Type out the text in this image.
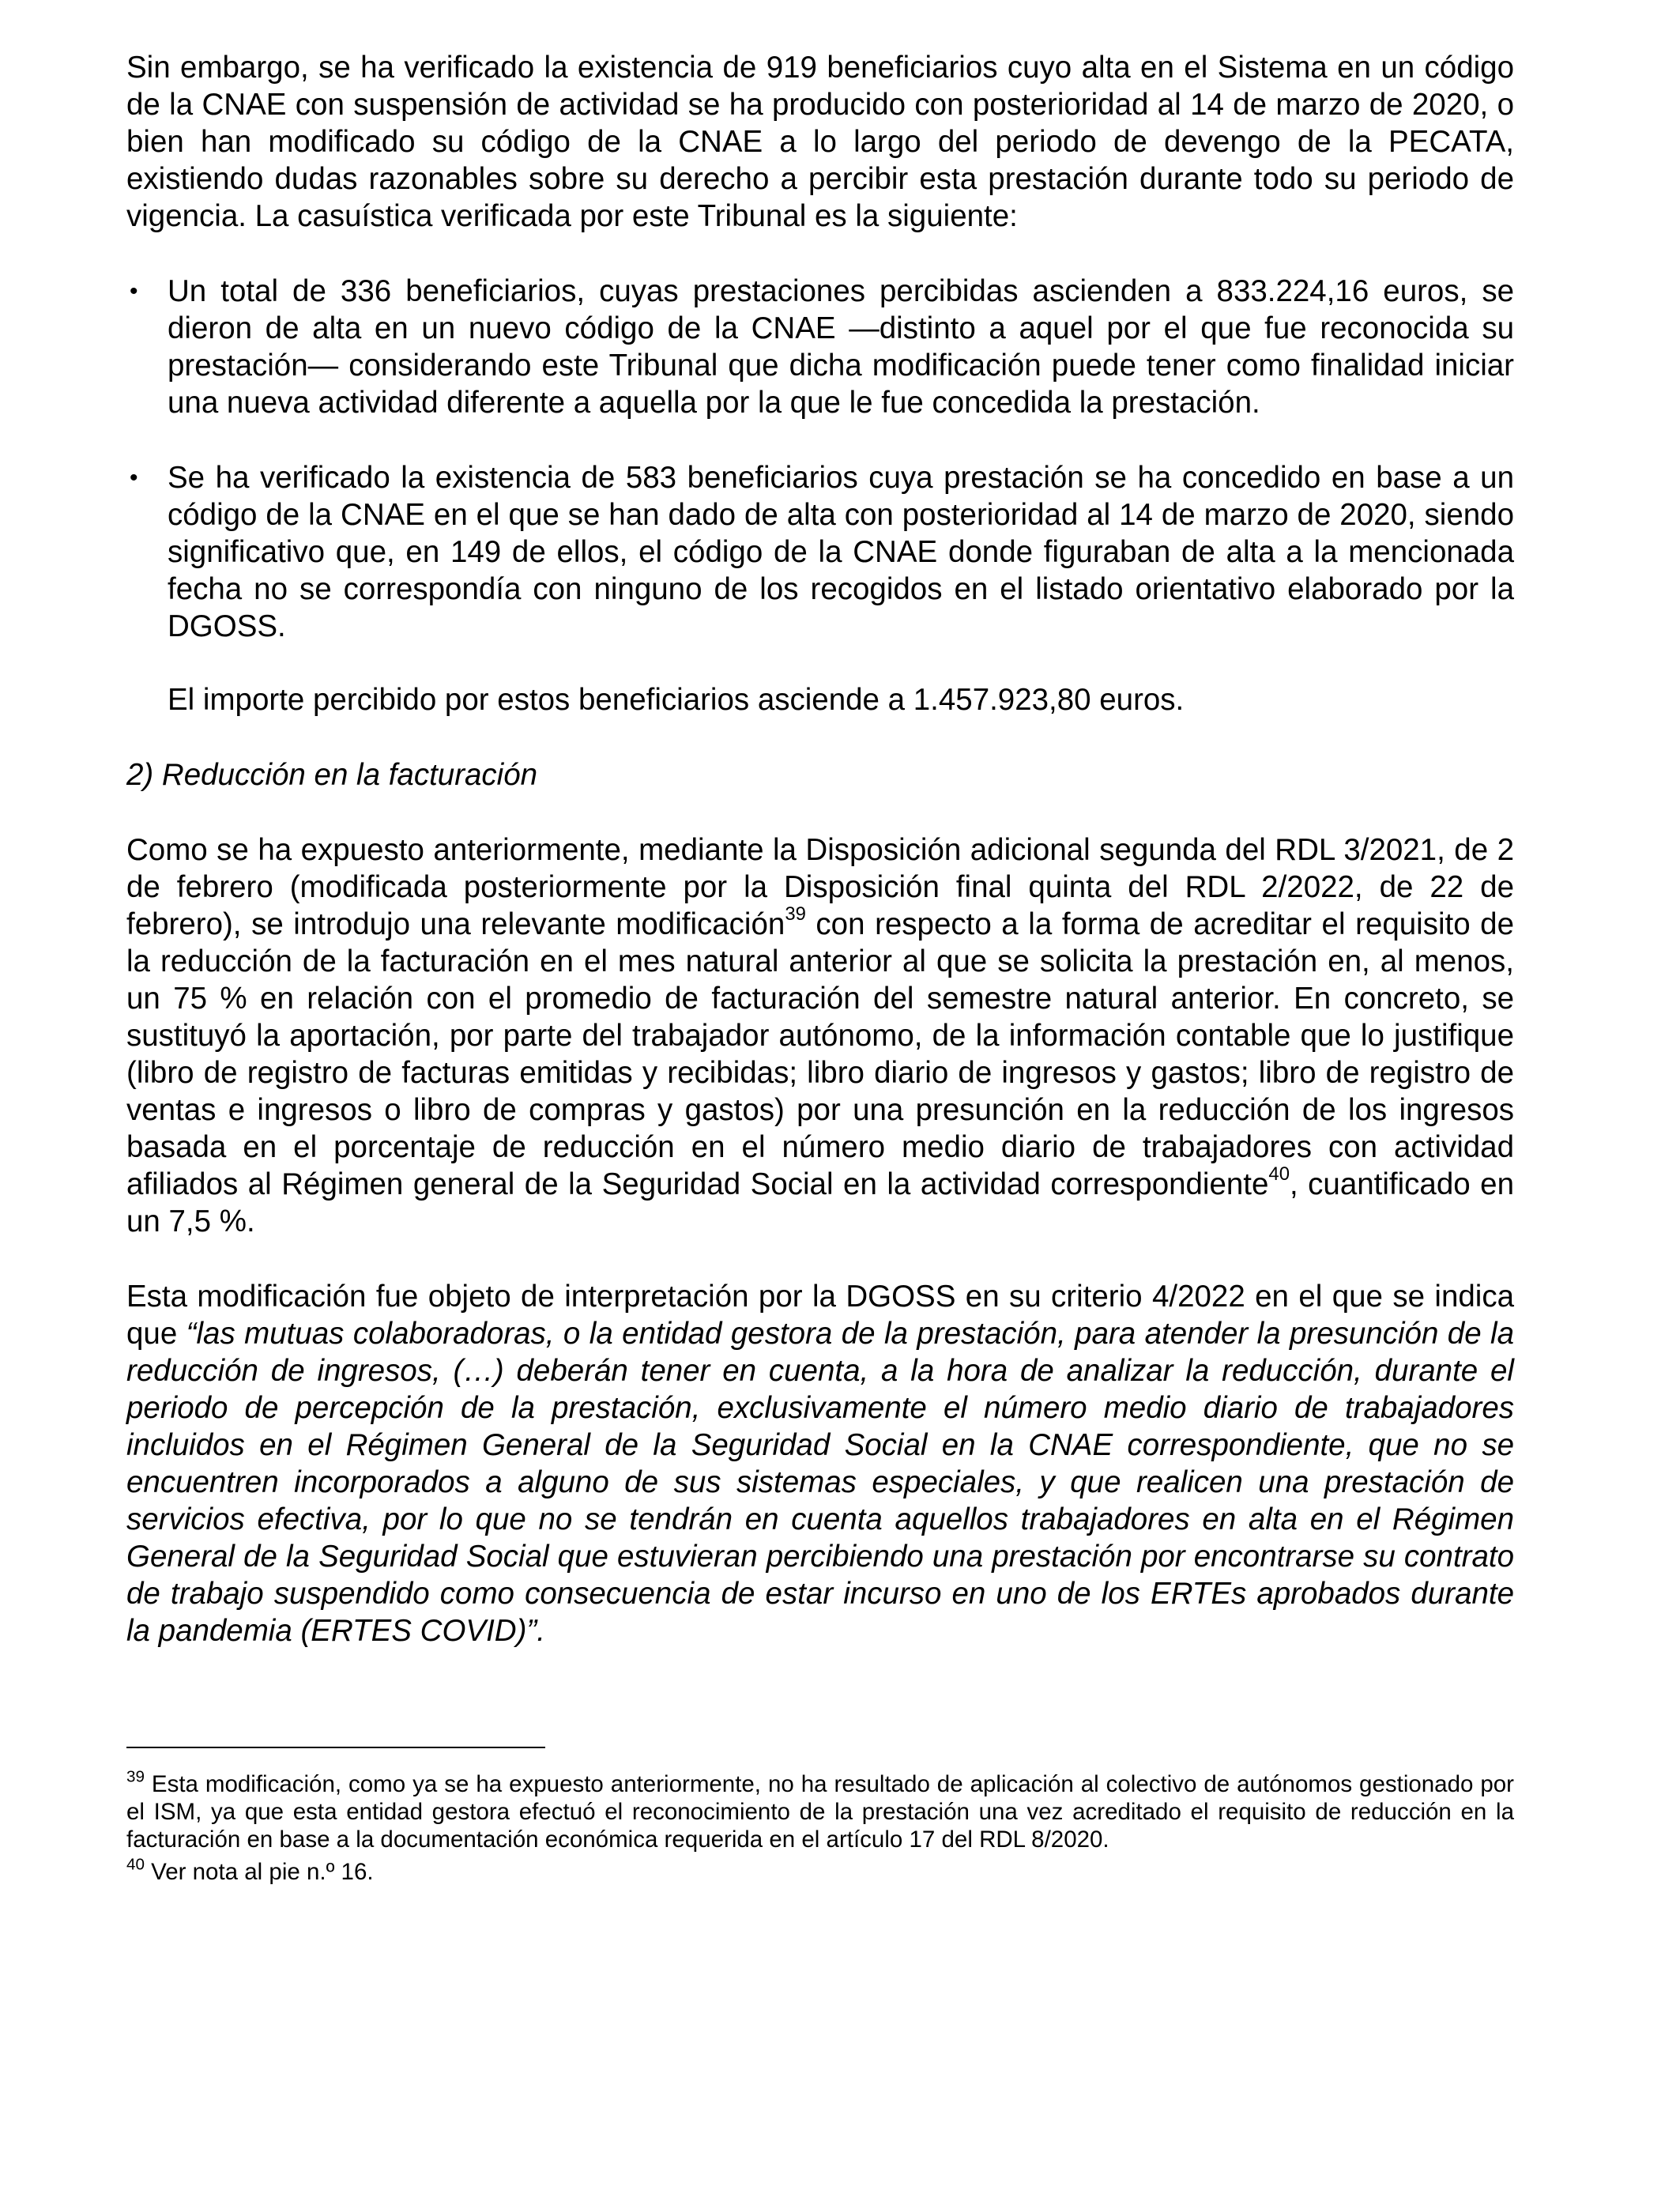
Sin embargo, se ha verificado la existencia de 919 beneficiarios cuyo alta en el Sistema en un código de la CNAE con suspensión de actividad se ha producido con posterioridad al 14 de marzo de 2020, o bien han modificado su código de la CNAE a lo largo del periodo de devengo de la PECATA, existiendo dudas razonables sobre su derecho a percibir esta prestación durante todo su periodo de vigencia. La casuística verificada por este Tribunal es la siguiente:

• Un total de 336 beneficiarios, cuyas prestaciones percibidas ascienden a 833.224,16 euros, se dieron de alta en un nuevo código de la CNAE —distinto a aquel por el que fue reconocida su prestación— considerando este Tribunal que dicha modificación puede tener como finalidad iniciar una nueva actividad diferente a aquella por la que le fue concedida la prestación.

• Se ha verificado la existencia de 583 beneficiarios cuya prestación se ha concedido en base a un código de la CNAE en el que se han dado de alta con posterioridad al 14 de marzo de 2020, siendo significativo que, en 149 de ellos, el código de la CNAE donde figuraban de alta a la mencionada fecha no se correspondía con ninguno de los recogidos en el listado orientativo elaborado por la DGOSS.

El importe percibido por estos beneficiarios asciende a 1.457.923,80 euros.

2) Reducción en la facturación

Como se ha expuesto anteriormente, mediante la Disposición adicional segunda del RDL 3/2021, de 2 de febrero (modificada posteriormente por la Disposición final quinta del RDL 2/2022, de 22 de febrero), se introdujo una relevante modificación$^{39}$ con respecto a la forma de acreditar el requisito de la reducción de la facturación en el mes natural anterior al que se solicita la prestación en, al menos, un 75 % en relación con el promedio de facturación del semestre natural anterior. En concreto, se sustituyó la aportación, por parte del trabajador autónomo, de la información contable que lo justifique (libro de registro de facturas emitidas y recibidas; libro diario de ingresos y gastos; libro de registro de ventas e ingresos o libro de compras y gastos) por una presunción en la reducción de los ingresos basada en el porcentaje de reducción en el número medio diario de trabajadores con actividad afiliados al Régimen general de la Seguridad Social en la actividad correspondiente$^{40}$, cuantificado en un 7,5 %.

Esta modificación fue objeto de interpretación por la DGOSS en su criterio 4/2022 en el que se indica que “las mutuas colaboradoras, o la entidad gestora de la prestación, para atender la presunción de la reducción de ingresos, (…) deberán tener en cuenta, a la hora de analizar la reducción, durante el periodo de percepción de la prestación, exclusivamente el número medio diario de trabajadores incluidos en el Régimen General de la Seguridad Social en la CNAE correspondiente, que no se encuentren incorporados a alguno de sus sistemas especiales, y que realicen una prestación de servicios efectiva, por lo que no se tendrán en cuenta aquellos trabajadores en alta en el Régimen General de la Seguridad Social que estuvieran percibiendo una prestación por encontrarse su contrato de trabajo suspendido como consecuencia de estar incurso en uno de los ERTEs aprobados durante la pandemia (ERTES COVID)”.

$^{39}$ Esta modificación, como ya se ha expuesto anteriormente, no ha resultado de aplicación al colectivo de autónomos gestionado por el ISM, ya que esta entidad gestora efectuó el reconocimiento de la prestación una vez acreditado el requisito de reducción en la facturación en base a la documentación económica requerida en el artículo 17 del RDL 8/2020.

$^{40}$ Ver nota al pie n.º 16.
